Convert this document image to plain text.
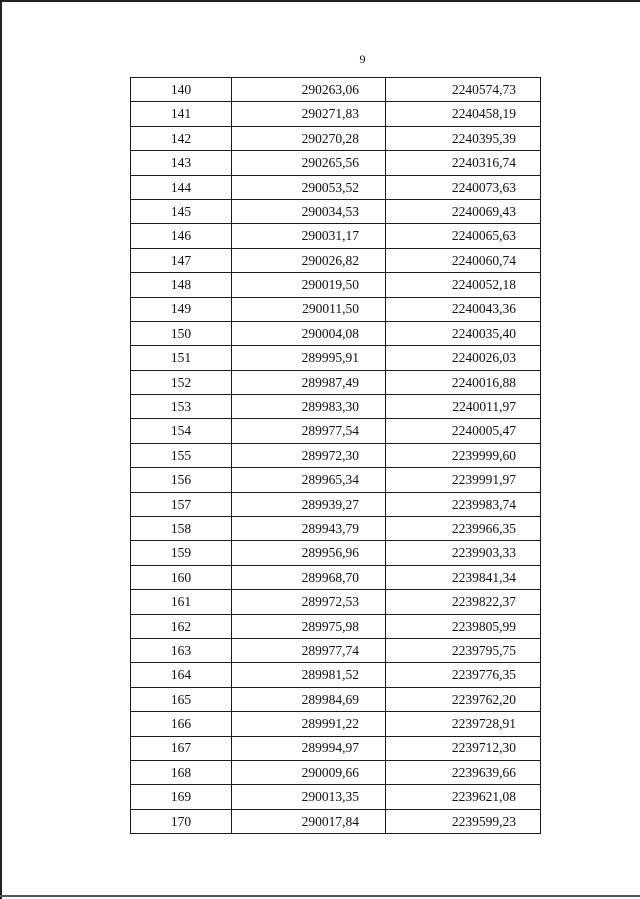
9
140	290263,06	2240574,73
141	290271,83	2240458,19
142	290270,28	2240395,39
143	290265,56	2240316,74
144	290053,52	2240073,63
145	290034,53	2240069,43
146	290031,17	2240065,63
147	290026,82	2240060,74
148	290019,50	2240052,18
149	290011,50	2240043,36
150	290004,08	2240035,40
151	289995,91	2240026,03
152	289987,49	2240016,88
153	289983,30	2240011,97
154	289977,54	2240005,47
155	289972,30	2239999,60
156	289965,34	2239991,97
157	289939,27	2239983,74
158	289943,79	2239966,35
159	289956,96	2239903,33
160	289968,70	2239841,34
161	289972,53	2239822,37
162	289975,98	2239805,99
163	289977,74	2239795,75
164	289981,52	2239776,35
165	289984,69	2239762,20
166	289991,22	2239728,91
167	289994,97	2239712,30
168	290009,66	2239639,66
169	290013,35	2239621,08
170	290017,84	2239599,23
